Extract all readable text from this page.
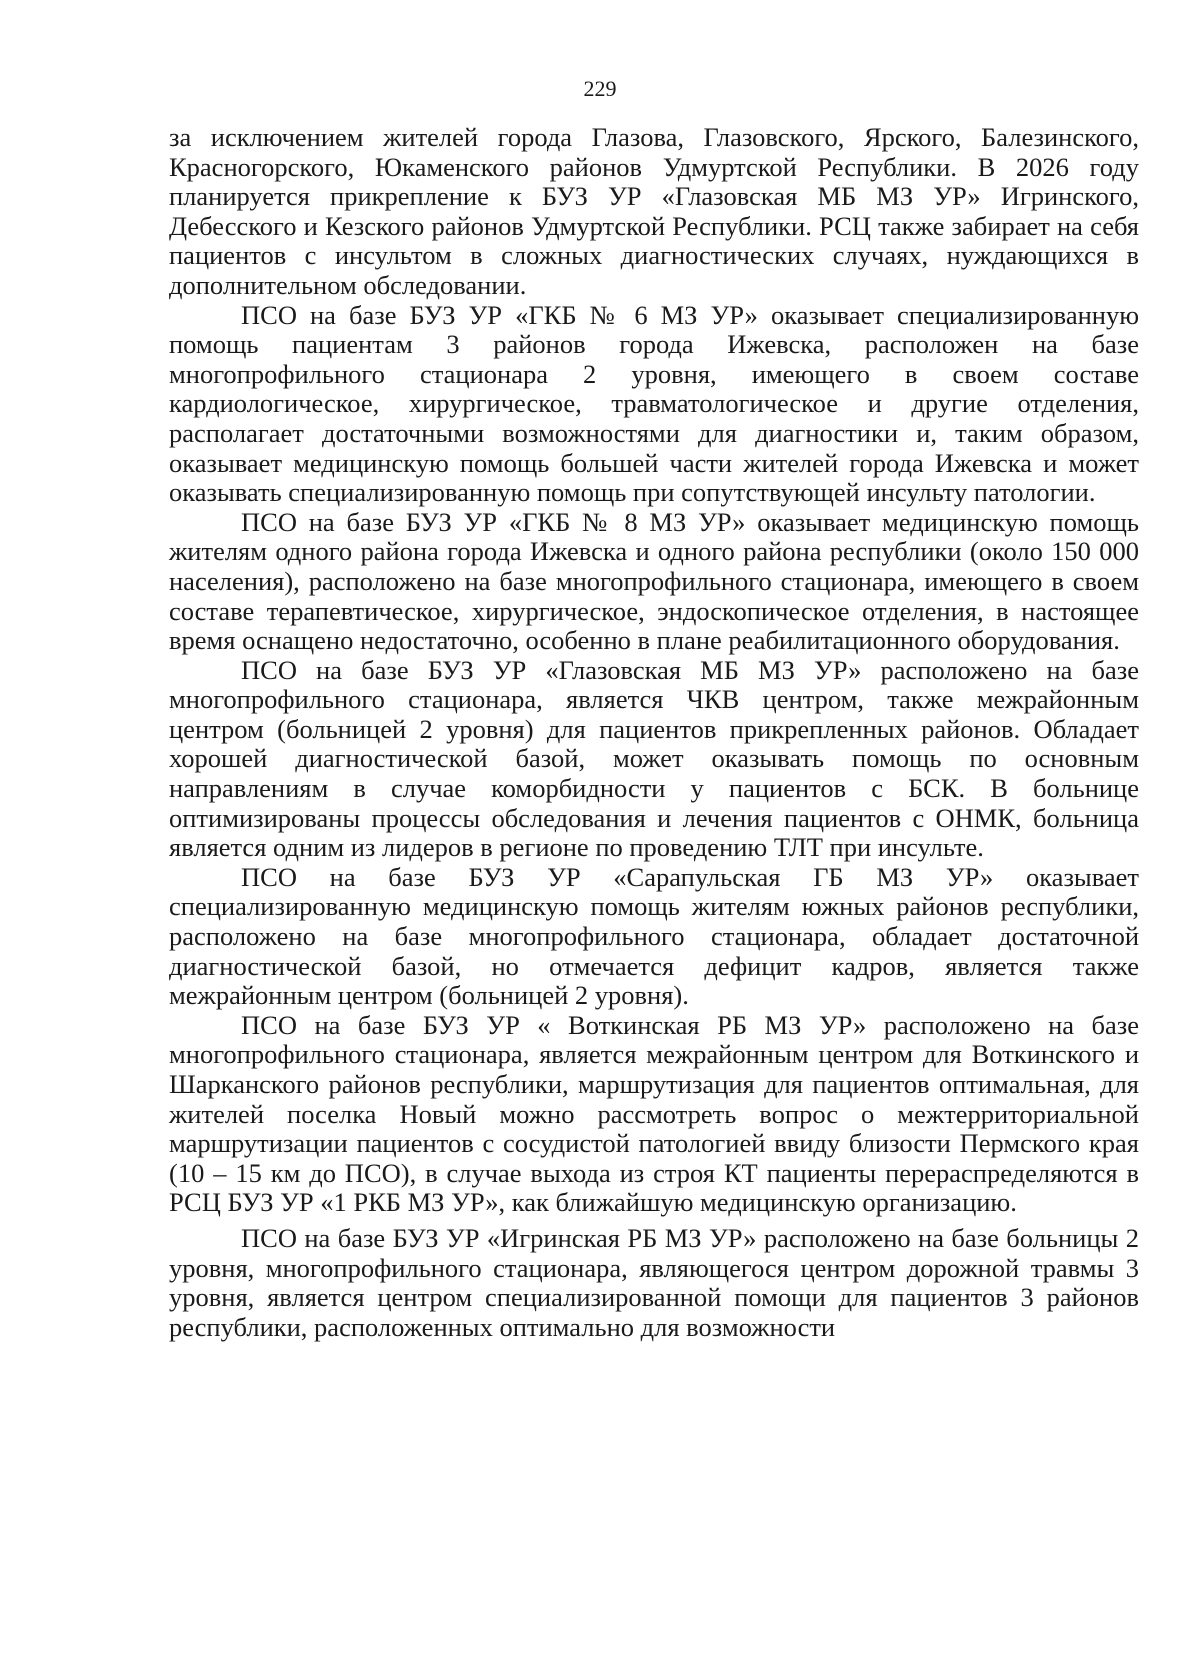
229

за исключением жителей города Глазова, Глазовского, Ярского, Балезинского, Красногорского, Юкаменского районов Удмуртской Республики. В 2026 году планируется прикрепление к БУЗ УР «Глазовская МБ МЗ УР» Игринского, Дебесского и Кезского районов Удмуртской Республики. РСЦ также забирает на себя пациентов с инсультом в сложных диагностических случаях, нуждающихся в дополнительном обследовании.

ПСО на базе БУЗ УР «ГКБ № 6 МЗ УР» оказывает специализированную помощь пациентам 3 районов города Ижевска, расположен на базе многопрофильного стационара 2 уровня, имеющего в своем составе кардиологическое, хирургическое, травматологическое и другие отделения, располагает достаточными возможностями для диагностики и, таким образом, оказывает медицинскую помощь большей части жителей города Ижевска и может оказывать специализированную помощь при сопутствующей инсульту патологии.

ПСО на базе БУЗ УР «ГКБ № 8 МЗ УР» оказывает медицинскую помощь жителям одного района города Ижевска и одного района республики (около 150 000 населения), расположено на базе многопрофильного стационара, имеющего в своем составе терапевтическое, хирургическое, эндоскопическое отделения, в настоящее время оснащено недостаточно, особенно в плане реабилитационного оборудования.

ПСО на базе БУЗ УР «Глазовская МБ МЗ УР» расположено на базе многопрофильного стационара, является ЧКВ центром, также межрайонным центром (больницей 2 уровня) для пациентов прикрепленных районов. Обладает хорошей диагностической базой, может оказывать помощь по основным направлениям в случае коморбидности у пациентов с БСК. В больнице оптимизированы процессы обследования и лечения пациентов с ОНМК, больница является одним из лидеров в регионе по проведению ТЛТ при инсульте.

ПСО на базе БУЗ УР «Сарапульская ГБ МЗ УР» оказывает специализированную медицинскую помощь жителям южных районов республики, расположено на базе многопрофильного стационара, обладает достаточной диагностической базой, но отмечается дефицит кадров, является также межрайонным центром (больницей 2 уровня).

ПСО на базе БУЗ УР « Воткинская РБ МЗ УР» расположено на базе многопрофильного стационара, является межрайонным центром для Воткинского и Шарканского районов республики, маршрутизация для пациентов оптимальная, для жителей поселка Новый можно рассмотреть вопрос о межтерриториальной маршрутизации пациентов с сосудистой патологией ввиду близости Пермского края (10 – 15 км до ПСО), в случае выхода из строя КТ пациенты перераспределяются в РСЦ БУЗ УР «1 РКБ МЗ УР», как ближайшую медицинскую организацию.

ПСО на базе БУЗ УР «Игринская РБ МЗ УР» расположено на базе больницы 2 уровня, многопрофильного стационара, являющегося центром дорожной травмы 3 уровня, является центром специализированной помощи для пациентов 3 районов республики, расположенных оптимально для возможности
